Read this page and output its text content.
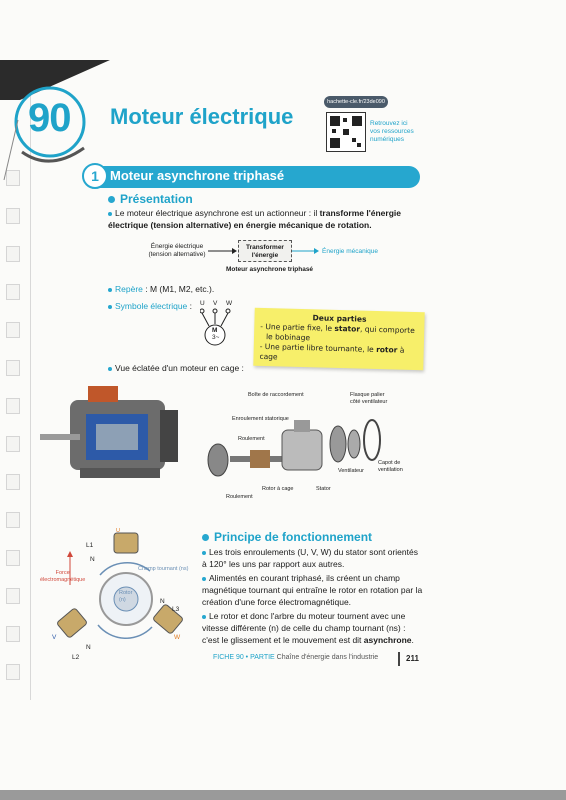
90 Moteur électrique
hachette-cle.fr/23de090
Retrouvez ici
vos ressources
numériques
1 Moteur asynchrone triphasé
Présentation
Le moteur électrique asynchrone est un actionneur : il transforme l'énergie électrique (tension alternative) en énergie mécanique de rotation.
Énergie électrique
(tension alternative)
Transformer
l'énergie
Énergie mécanique
Moteur asynchrone triphasé
Repère : M (M1, M2, etc.).
Symbole électrique : U V W
M
3~
Deux parties
- Une partie fixe, le stator, qui comporte
le bobinage
- Une partie libre tournante, le rotor à cage
Vue éclatée d'un moteur en cage :
Boîte de raccordement	Flasque palier
côté ventilateur
Enroulement statorique
Roulement
Capot de
ventilation
Ventilateur
Rotor à cage	Stator
Roulement
U
L1
N
Force
électromagnétique
Champ tournant (ns)
Rotor
(n)	N
L3
V	W
N
L2
Principe de fonctionnement
Les trois enroulements (U, V, W) du stator sont orientés à 120° les uns par rapport aux autres.
Alimentés en courant triphasé, ils créent un champ magnétique tournant qui entraîne le rotor en rotation par la création d'une force électromagnétique.
Le rotor et donc l'arbre du moteur tournent avec une vitesse différente (n) de celle du champ tournant (ns) : c'est le glissement et le mouvement est dit asynchrone.
FICHE 90 • PARTIE Chaîne d'énergie dans l'industrie	211
